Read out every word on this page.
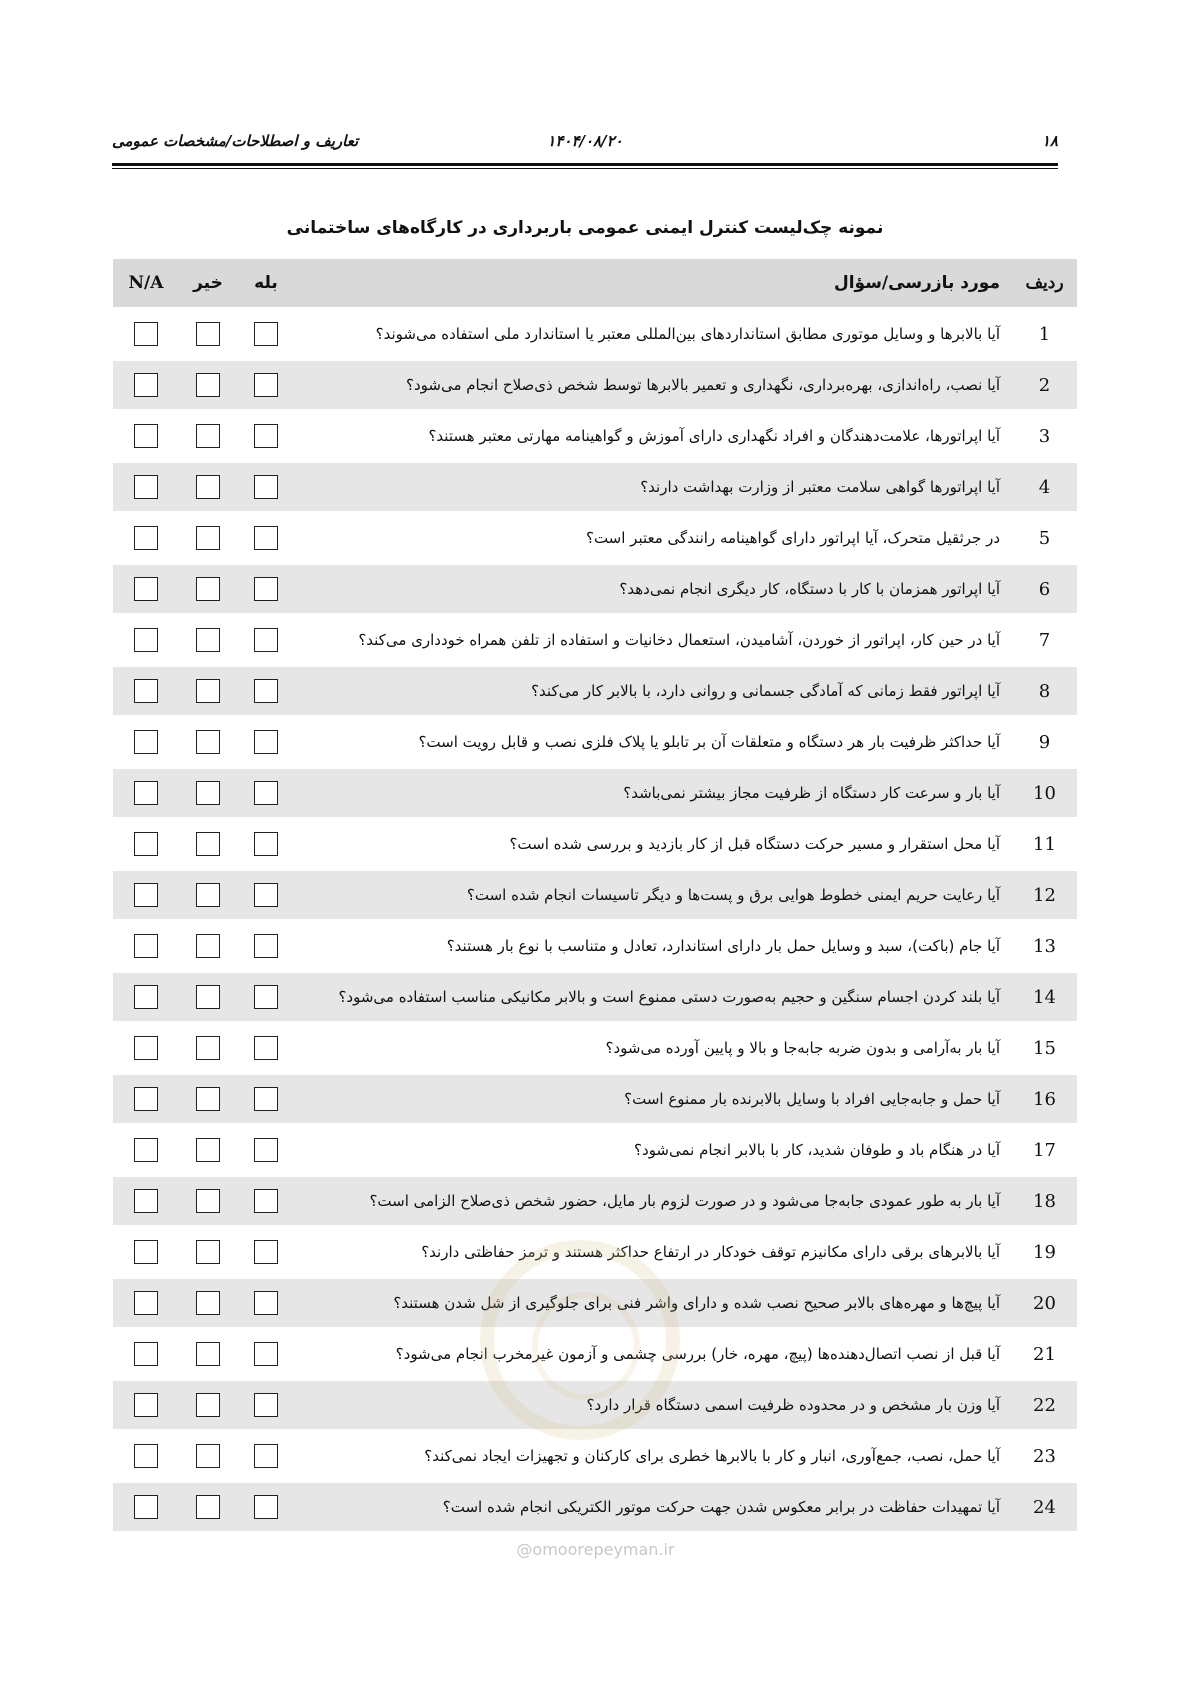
۱۸
۱۴۰۴/۰۸/۲۰
تعاریف و اصطلاحات/مشخصات عمومی
نمونه چک‌لیست کنترل ایمنی عمومی باربرداری در کارگاه‌های ساختمانی
ردیف	مورد بازرسی/سؤال	بله	خیر	N/A
1	آیا بالابرها و وسایل موتوری مطابق استانداردهای بین‌المللی معتبر یا استاندارد ملی استفاده می‌شوند؟			
2	آیا نصب، راه‌اندازی، بهره‌برداری، نگهداری و تعمیر بالابرها توسط شخص ذی‌صلاح انجام می‌شود؟			
3	آیا اپراتورها، علامت‌دهندگان و افراد نگهداری دارای آموزش و گواهینامه مهارتی معتبر هستند؟			
4	آیا اپراتورها گواهی سلامت معتبر از وزارت بهداشت دارند؟			
5	در جرثقیل متحرک، آیا اپراتور دارای گواهینامه رانندگی معتبر است؟			
6	آیا اپراتور همزمان با کار با دستگاه، کار دیگری انجام نمی‌دهد؟			
7	آیا در حین کار، اپراتور از خوردن، آشامیدن، استعمال دخانیات و استفاده از تلفن همراه خودداری می‌کند؟			
8	آیا اپراتور فقط زمانی که آمادگی جسمانی و روانی دارد، با بالابر کار می‌کند؟			
9	آیا حداکثر ظرفیت بار هر دستگاه و متعلقات آن بر تابلو یا پلاک فلزی نصب و قابل رویت است؟			
10	آیا بار و سرعت کار دستگاه از ظرفیت مجاز بیشتر نمی‌باشد؟			
11	آیا محل استقرار و مسیر حرکت دستگاه قبل از کار بازدید و بررسی شده است؟			
12	آیا رعایت حریم ایمنی خطوط هوایی برق و پست‌ها و دیگر تاسیسات انجام شده است؟			
13	آیا جام (باکت)، سبد و وسایل حمل بار دارای استاندارد، تعادل و متناسب با نوع بار هستند؟			
14	آیا بلند کردن اجسام سنگین و حجیم به‌صورت دستی ممنوع است و بالابر مکانیکی مناسب استفاده می‌شود؟			
15	آیا بار به‌آرامی و بدون ضربه جابه‌جا و بالا و پایین آورده می‌شود؟			
16	آیا حمل و جابه‌جایی افراد با وسایل بالابرنده بار ممنوع است؟			
17	آیا در هنگام باد و طوفان شدید، کار با بالابر انجام نمی‌شود؟			
18	آیا بار به طور عمودی جابه‌جا می‌شود و در صورت لزوم بار مایل، حضور شخص ذی‌صلاح الزامی است؟			
19	آیا بالابرهای برقی دارای مکانیزم توقف خودکار در ارتفاع حداکثر هستند و ترمز حفاظتی دارند؟			
20	آیا پیچ‌ها و مهره‌های بالابر صحیح نصب شده و دارای واشر فنی برای جلوگیری از شل شدن هستند؟			
21	آیا قبل از نصب اتصال‌دهنده‌ها (پیچ، مهره، خار) بررسی چشمی و آزمون غیرمخرب انجام می‌شود؟			
22	آیا وزن بار مشخص و در محدوده ظرفیت اسمی دستگاه قرار دارد؟			
23	آیا حمل، نصب، جمع‌آوری، انبار و کار با بالابرها خطری برای کارکنان و تجهیزات ایجاد نمی‌کند؟			
24	آیا تمهیدات حفاظت در برابر معکوس شدن جهت حرکت موتور الکتریکی انجام شده است؟			
@omoorepeyman.ir
